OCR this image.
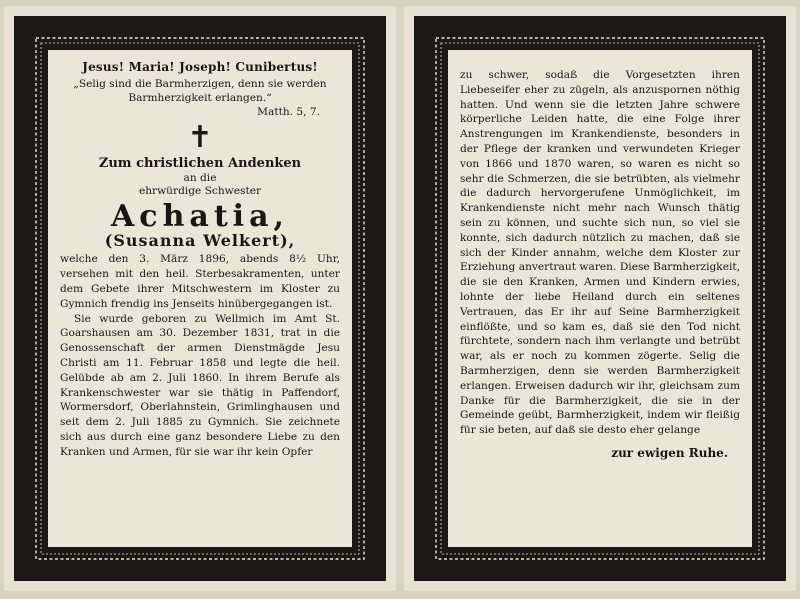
Jesus! Maria! Joseph! Cunibertus!
„Selig sind die Barmherzigen, denn sie werden Barmherzigkeit erlangen.“
Matth. 5, 7.
✝
Zum christlichen Andenken
an die
ehrwürdige Schwester
Achatia,
(Susanna Welkert),

welche den 3. März 1896, abends 8½ Uhr, versehen mit den heil. Sterbesakramenten, unter dem Gebete ihrer Mitschwestern im Kloster zu Gymnich frendig ins Jenseits hinübergegangen ist.

Sie wurde geboren zu Wellmich im Amt St. Goarshausen am 30. Dezember 1831, trat in die Genossenschaft der armen Dienstmägde Jesu Christi am 11. Februar 1858 und legte die heil. Gelübde ab am 2. Juli 1860. In ihrem Berufe als Krankenschwester war sie thätig in Paffendorf, Wormersdorf, Oberlahnstein, Grimlinghausen und seit dem 2. Juli 1885 zu Gymnich. Sie zeichnete sich aus durch eine ganz besondere Liebe zu den Kranken und Armen, für sie war ihr kein Opfer

zu schwer, sodaß die Vorgesetzten ihren Liebeseifer eher zu zügeln, als anzuspornen nöthig hatten. Und wenn sie die letzten Jahre schwere körperliche Leiden hatte, die eine Folge ihrer Anstrengungen im Krankendienste, besonders in der Pflege der kranken und verwundeten Krieger von 1866 und 1870 waren, so waren es nicht so sehr die Schmerzen, die sie betrübten, als vielmehr die dadurch hervorgerufene Unmöglichkeit, im Krankendienste nicht mehr nach Wunsch thätig sein zu können, und suchte sich nun, so viel sie konnte, sich dadurch nützlich zu machen, daß sie sich der Kinder annahm, welche dem Kloster zur Erziehung anvertraut waren. Diese Barmherzigkeit, die sie den Kranken, Armen und Kindern erwies, lohnte der liebe Heiland durch ein seltenes Vertrauen, das Er ihr auf Seine Barmherzigkeit einflößte, und so kam es, daß sie den Tod nicht fürchtete, sondern nach ihm verlangte und betrübt war, als er noch zu kommen zögerte. Selig die Barmherzigen, denn sie werden Barmherzigkeit erlangen. Erweisen dadurch wir ihr, gleichsam zum Danke für die Barmherzigkeit, die sie in der Gemeinde geübt, Barmherzigkeit, indem wir fleißig für sie beten, auf daß sie desto eher gelange

zur ewigen Ruhe.
